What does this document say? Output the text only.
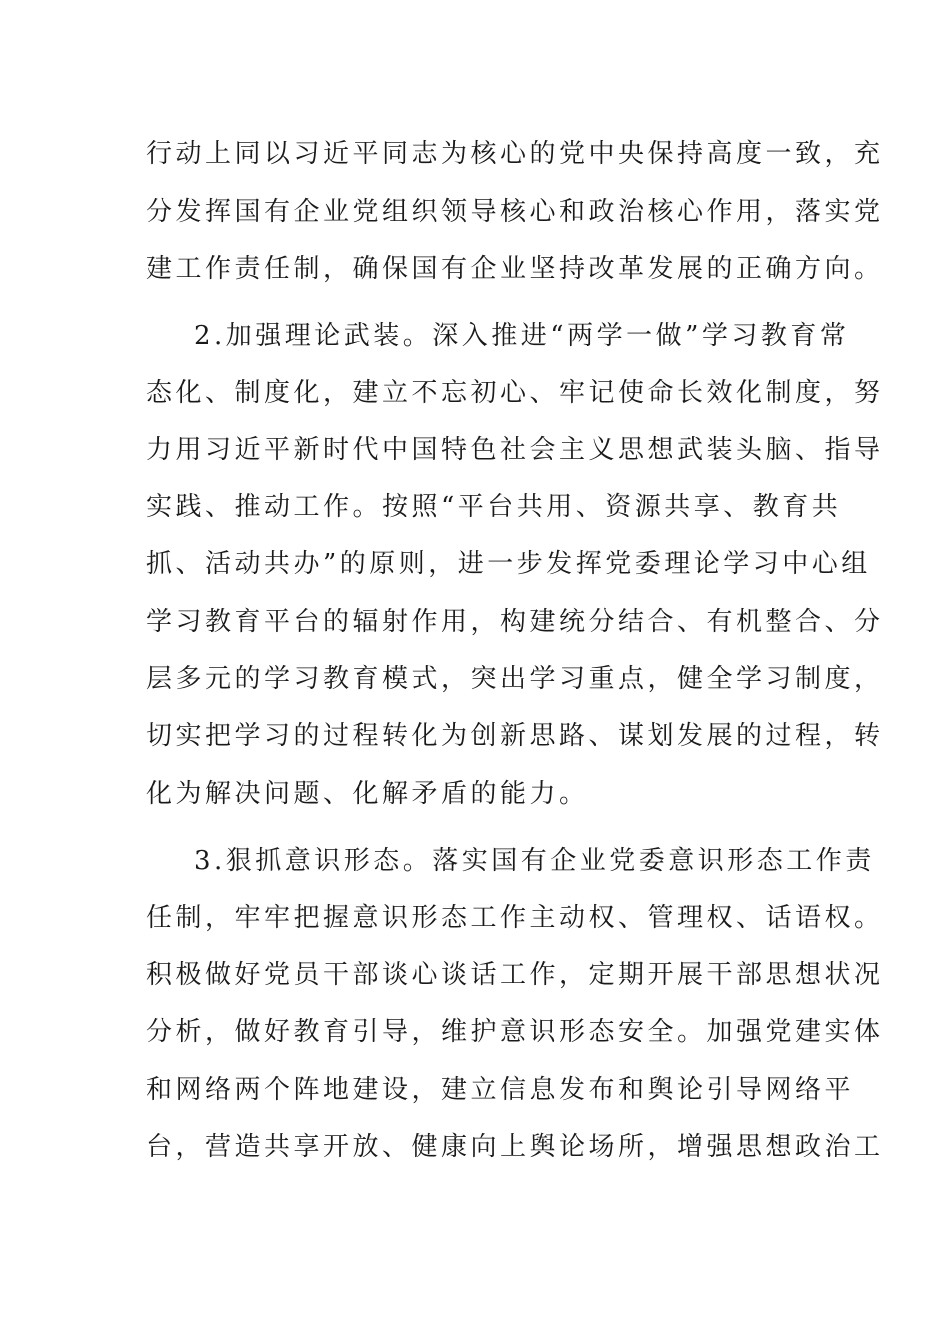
行动上同以习近平同志为核心的党中央保持高度一致，充
分发挥国有企业党组织领导核心和政治核心作用，落实党
建工作责任制，确保国有企业坚持改革发展的正确方向。
2.加强理论武装。深入推进“两学一做”学习教育常
态化、制度化，建立不忘初心、牢记使命长效化制度，努
力用习近平新时代中国特色社会主义思想武装头脑、指导
实践、推动工作。按照“平台共用、资源共享、教育共
抓、活动共办”的原则，进一步发挥党委理论学习中心组
学习教育平台的辐射作用，构建统分结合、有机整合、分
层多元的学习教育模式，突出学习重点，健全学习制度，
切实把学习的过程转化为创新思路、谋划发展的过程，转
化为解决问题、化解矛盾的能力。
3.狠抓意识形态。落实国有企业党委意识形态工作责
任制，牢牢把握意识形态工作主动权、管理权、话语权。
积极做好党员干部谈心谈话工作，定期开展干部思想状况
分析，做好教育引导，维护意识形态安全。加强党建实体
和网络两个阵地建设，建立信息发布和舆论引导网络平
台，营造共享开放、健康向上舆论场所，增强思想政治工
